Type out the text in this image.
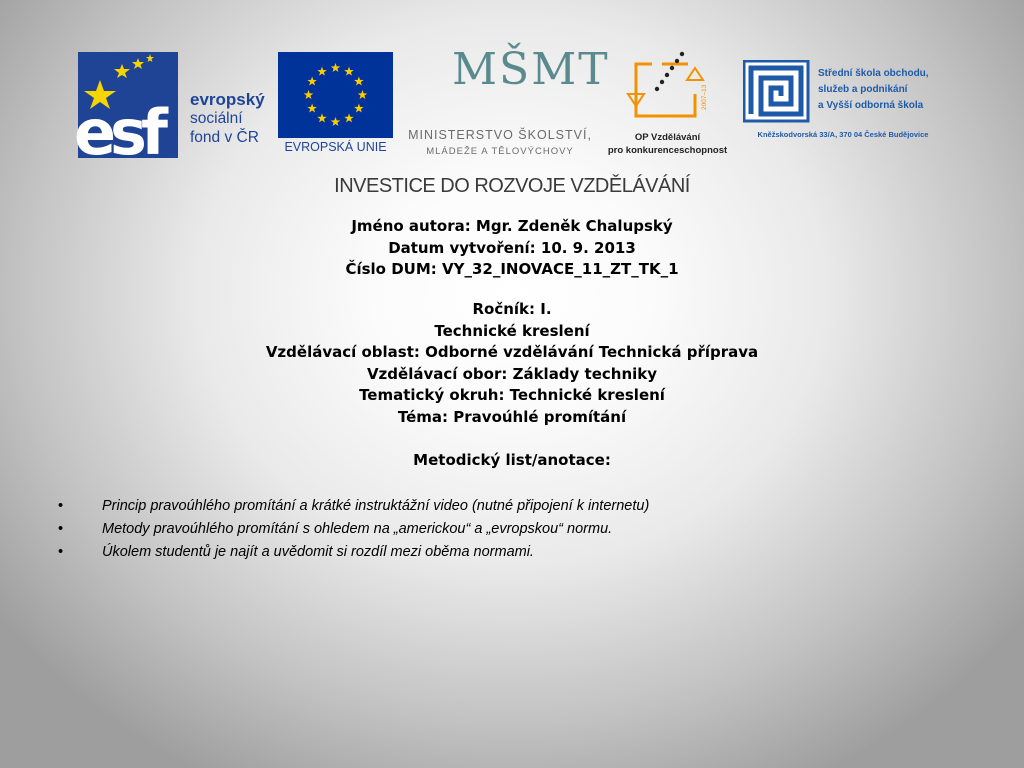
esf	evropský
sociální
fond v ČR
EVROPSKÁ UNIE
MŠMT
MINISTERSTVO ŠKOLSTVÍ,
MLÁDEŽE A TĚLOVÝCHOVY
2007–13
OP Vzdělávání
pro konkurenceschopnost
Střední škola obchodu,
služeb a podnikání
a Vyšší odborná škola
Kněžskodvorská 33/A, 370 04 České Budějovice
INVESTICE DO ROZVOJE VZDĚLÁVÁNÍ
Jméno autora: Mgr. Zdeněk Chalupský
Datum vytvoření: 10. 9. 2013
Číslo DUM: VY_32_INOVACE_11_ZT_TK_1
Ročník: I.
Technické kreslení
Vzdělávací oblast: Odborné vzdělávání Technická příprava
Vzdělávací obor: Základy techniky
Tematický okruh: Technické kreslení
Téma: Pravoúhlé promítání
Metodický list/anotace:
•	Princip pravoúhlého promítání a krátké instruktážní video (nutné připojení k internetu)
•	Metody pravoúhlého promítání s ohledem na „americkou“ a „evropskou“ normu.
•	Úkolem studentů je najít a uvědomit si rozdíl mezi oběma normami.
